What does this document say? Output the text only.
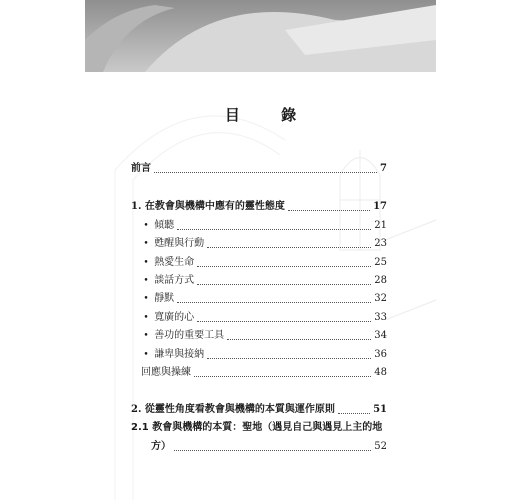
目 錄
前言	7
1. 在教會與機構中應有的靈性態度	17
• 傾聽	21
• 甦醒與行動	23
• 熱愛生命	25
• 談話方式	28
• 靜默	32
• 寬廣的心	33
• 善功的重要工具	34
• 謙卑與接納	36
回應與操練	48
2. 從靈性角度看教會與機構的本質與運作原則	51
2.1 教會與機構的本質：聖地（遇見自己與遇見上主的地
方）	52
